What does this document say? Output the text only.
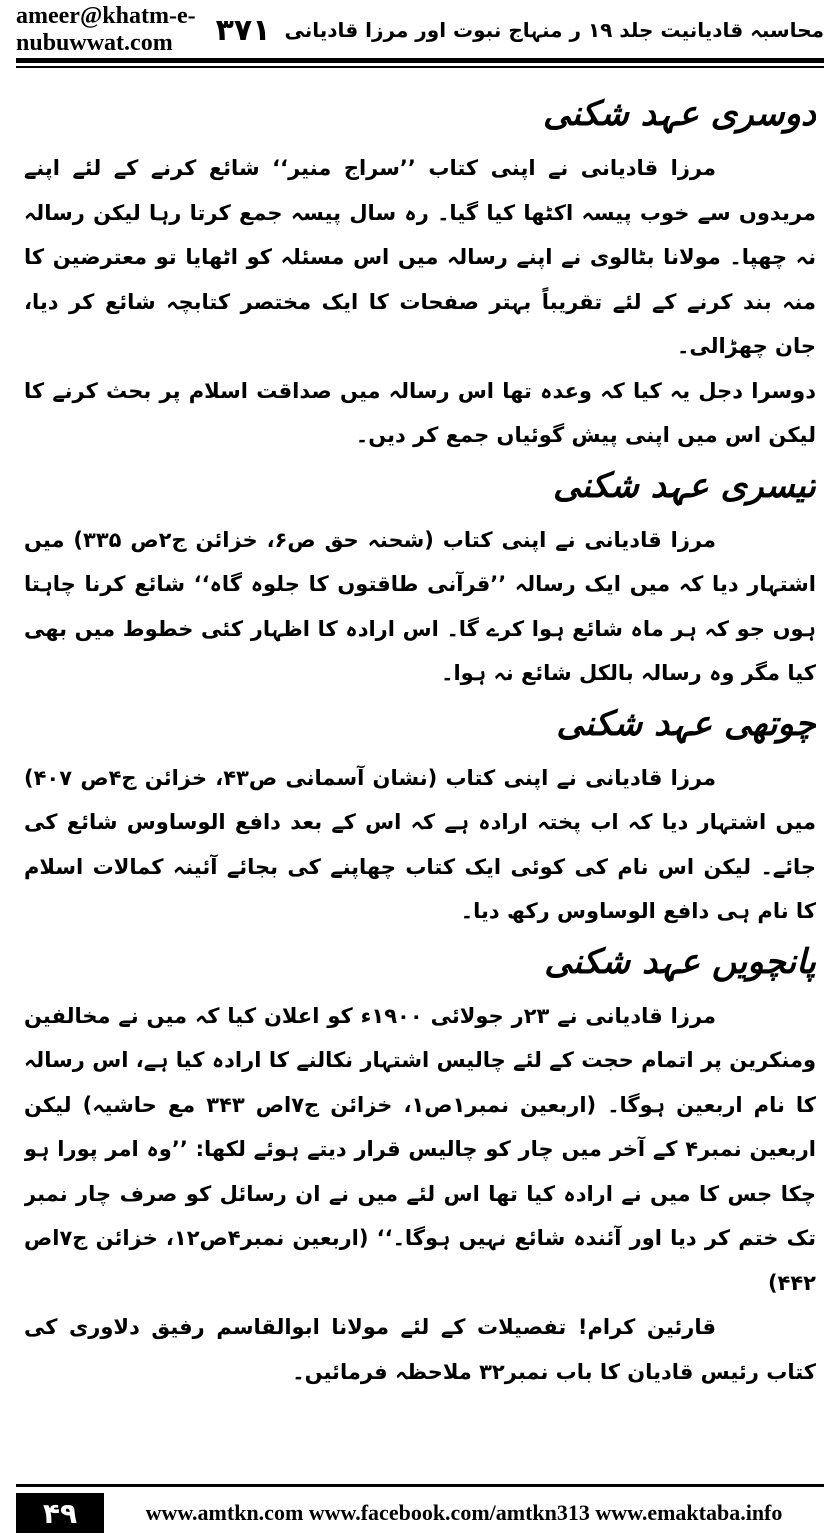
ameer@khatm-e-nubuwwat.com	محاسبہ قادیانیت جلد ۱۹ ر منہاج نبوت اور مرزا قادیانی
۳۷۱
دوسری عہد شکنی

مرزا قادیانی نے اپنی کتاب ’’سراج منیر‘‘ شائع کرنے کے لئے اپنے مریدوں سے خوب پیسہ اکٹھا کیا گیا۔ رہ سال پیسہ جمع کرتا رہا لیکن رسالہ نہ چھپا۔ مولانا بٹالوی نے اپنے رسالہ میں اس مسئلہ کو اٹھایا تو معترضین کا منہ بند کرنے کے لئے تقریباً بہتر صفحات کا ایک مختصر کتابچہ شائع کر دیا، جان چھڑالی۔

دوسرا دجل یہ کیا کہ وعدہ تھا اس رسالہ میں صداقت اسلام پر بحث کرنے کا لیکن اس میں اپنی پیش گوئیاں جمع کر دیں۔

تیسری عہد شکنی

مرزا قادیانی نے اپنی کتاب (شحنہ حق ص۶، خزائن ج۲ص ۳۳۵) میں اشتہار دیا کہ میں ایک رسالہ ’’قرآنی طاقتوں کا جلوہ گاہ‘‘ شائع کرنا چاہتا ہوں جو کہ ہر ماہ شائع ہوا کرے گا۔ اس ارادہ کا اظہار کئی خطوط میں بھی کیا مگر وہ رسالہ بالکل شائع نہ ہوا۔

چوتھی عہد شکنی

مرزا قادیانی نے اپنی کتاب (نشان آسمانی ص۴۳، خزائن ج۴ص ۴۰۷) میں اشتہار دیا کہ اب پختہ ارادہ ہے کہ اس کے بعد دافع الوساوس شائع کی جائے۔ لیکن اس نام کی کوئی ایک کتاب چھاپنے کی بجائے آئینہ کمالات اسلام کا نام ہی دافع الوساوس رکھ دیا۔

پانچویں عہد شکنی

مرزا قادیانی نے ۲۳ر جولائی ۱۹۰۰ء کو اعلان کیا کہ میں نے مخالفین ومنکرین پر اتمام حجت کے لئے چالیس اشتہار نکالنے کا ارادہ کیا ہے، اس رسالہ کا نام اربعین ہوگا۔ (اربعین نمبر۱ص۱، خزائن ج۷اص ۳۴۳ مع حاشیہ) لیکن اربعین نمبر۴ کے آخر میں چار کو چالیس قرار دیتے ہوئے لکھا: ’’وہ امر پورا ہو چکا جس کا میں نے ارادہ کیا تھا اس لئے میں نے ان رسائل کو صرف چار نمبر تک ختم کر دیا اور آئندہ شائع نہیں ہوگا۔‘‘ (اربعین نمبر۴ص۱۲، خزائن ج۷اص ۴۴۲)

قارئین کرام! تفصیلات کے لئے مولانا ابوالقاسم رفیق دلاوری کی کتاب رئیس قادیان کا باب نمبر۳۲ ملاحظہ فرمائیں۔

۴۹	www.amtkn.com www.facebook.com/amtkn313 www.emaktaba.info
